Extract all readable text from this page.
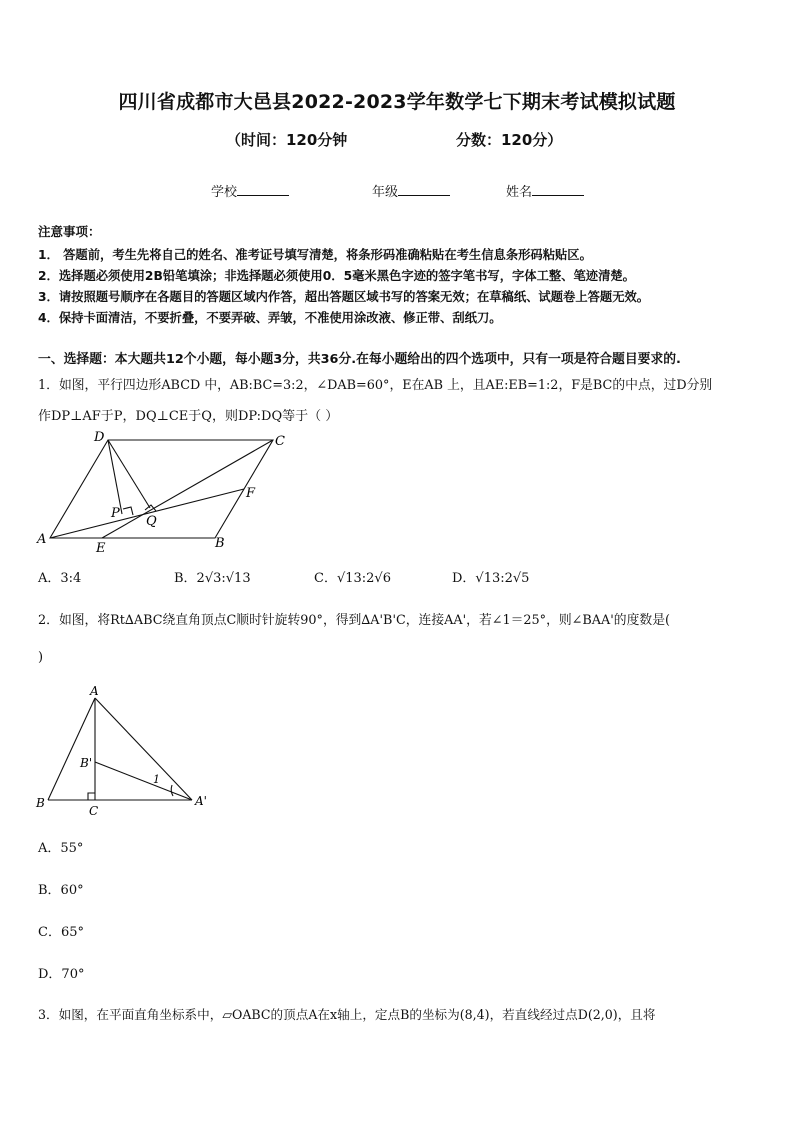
四川省成都市大邑县2022-2023学年数学七下期末考试模拟试题
（时间：120分钟	分数：120分）
学校	年级	姓名
注意事项：
1． 答题前，考生先将自己的姓名、准考证号填写清楚，将条形码准确粘贴在考生信息条形码粘贴区。
2．选择题必须使用2B铅笔填涂；非选择题必须使用0．5毫米黑色字迹的签字笔书写，字体工整、笔迹清楚。
3．请按照题号顺序在各题目的答题区域内作答，超出答题区域书写的答案无效；在草稿纸、试题卷上答题无效。
4．保持卡面清洁，不要折叠，不要弄破、弄皱，不准使用涂改液、修正带、刮纸刀。
一、选择题：本大题共12个小题，每小题3分，共36分.在每小题给出的四个选项中，只有一项是符合题目要求的.
1．如图，平行四边形ABCD 中，AB:BC=3:2，∠DAB=60°，E在AB 上，且AE:EB=1:2，F是BC的中点，过D分别
作DP⊥AF于P，DQ⊥CE于Q，则DP:DQ等于（ ）
D	C
F
P
Q
A
E	B
A．3:4	B．2√3:√13	C．√13:2√6	D．√13:2√5
2．如图，将Rt∆ABC绕直角顶点C顺时针旋转90°，得到∆A'B'C，连接AA'，若∠1＝25°，则∠BAA'的度数是(
)
A
B'
1
B
C
A'
A．55°
B．60°
C．65°
D．70°
3．如图，在平面直角坐标系中，▱OABC的顶点A在x轴上，定点B的坐标为(8,4)，若直线经过点D(2,0)，且将
